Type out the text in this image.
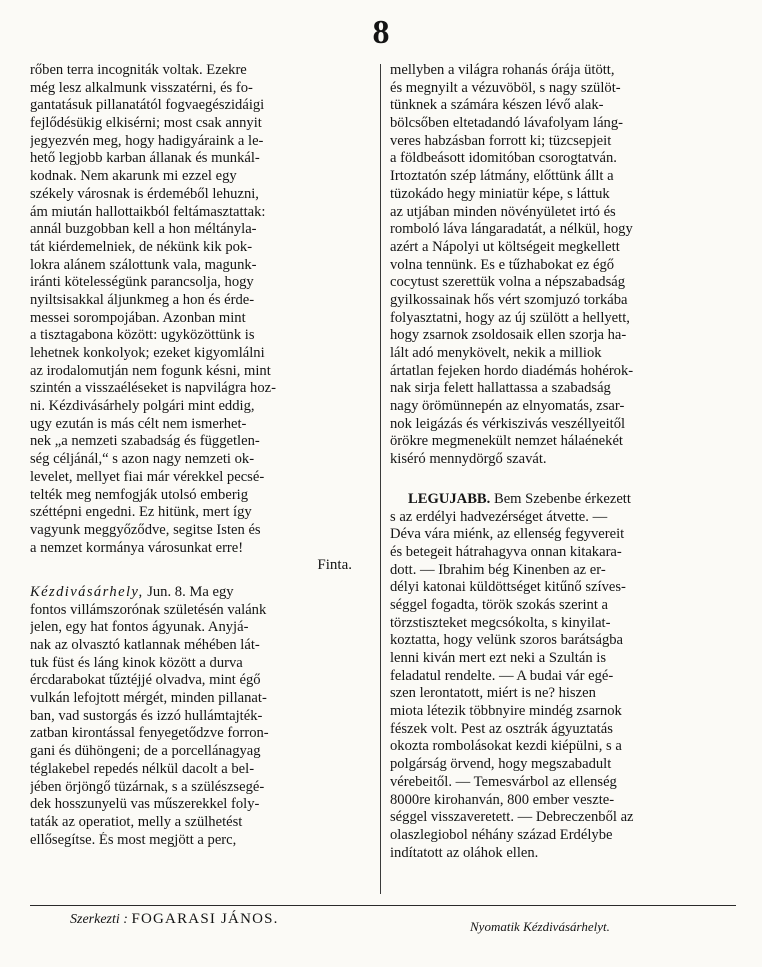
8
rőben terra incogniták voltak. Ezekre
még lesz alkalmunk visszatérni, és fo-
gantatásuk pillanatától fogvaegészidáigi
fejlődésükig elkisérni; most csak annyit
jegyezvén meg, hogy hadigyáraink a le-
hető legjobb karban állanak és munkál-
kodnak. Nem akarunk mi ezzel egy
székely városnak is érdeméből lehuzni,
ám miután hallottaikból feltámasztattak:
annál buzgobban kell a hon méltányla-
tát kiérdemelniek, de nékünk kik pok-
lokra alánem szálottunk vala, magunk-
iránti kötelességünk parancsolja, hogy
nyiltsisakkal áljunkmeg a hon és érde-
messei sorompojában. Azonban mint
a tisztagabona között: ugyközöttünk is
lehetnek konkolyok; ezeket kigyomlálni
az irodalomutján nem fogunk késni, mint
szintén a visszaéléseket is napvilágra hoz-
ni. Kézdivásárhely polgári mint eddig,
ugy ezután is más célt nem ismerhet-
nek „a nemzeti szabadság és független-
ség céljánál,“ s azon nagy nemzeti ok-
levelet, mellyet fiai már vérekkel pecsé-
telték meg nemfogják utolsó emberig
széttépni engedni. Ez hitünk, mert így
vagyunk meggyőződve, segitse Isten és
a nemzet kormánya városunkat erre!
Finta.
Kézdivásárhely, Jun. 8. Ma egy
fontos villámszorónak születésén valánk
jelen, egy hat fontos ágyunak. Anyjá-
nak az olvasztó katlannak méhében lát-
tuk füst és láng kinok között a durva
ércdarabokat tűztéjjé olvadva, mint égő
vulkán lefojtott mérgét, minden pillanat-
ban, vad sustorgás és izzó hullámtajték-
zatban kirontással fenyegetődzve forron-
gani és dühöngeni; de a porcellánagyag
téglakebel repedés nélkül dacolt a bel-
jében örjöngő tüzárnak, s a szülészsegé-
dek hosszunyelü vas műszerekkel foly-
taták az operatiot, melly a szülhetést
ellősegítse. És most megjött a perc,
mellyben a világra rohanás órája ütött,
és megnyilt a vézuvöböl, s nagy szülöt-
tünknek a számára készen lévő alak-
bölcsőben eltetadandó lávafolyam láng-
veres habzásban forrott ki; tüzcsepjeit
a földbeásott idomitóban csorogtatván.
Irtoztatón szép látmány, előttünk állt a
tüzokádo hegy miniatür képe, s láttuk
az utjában minden növényületet irtó és
romboló láva lángaradatát, a nélkül, hogy
azért a Nápolyi ut költségeit megkellett
volna tennünk. Es e tűzhabokat ez égő
cocytust szerettük volna a népszabadság
gyilkossainak hős vért szomjuzó torkába
folyasztatni, hogy az új szülött a hellyett,
hogy zsarnok zsoldosaik ellen szorja ha-
lált adó menykövelt, nekik a milliok
ártatlan fejeken hordo diadémás hohérok-
nak sirja felett hallattassa a szabadság
nagy örömünnepén az elnyomatás, zsar-
nok leigázás és vérkiszivás veszéllyeitől
örökre megmenekült nemzet hálaénekét
kiséró mennydörgő szavát.
LEGUJABB. Bem Szebenbe érkezett
s az erdélyi hadvezérséget átvette. —
Déva vára miénk, az ellenség fegyvereit
és betegeit hátrahagyva onnan kitakara-
dott. — Ibrahim bég Kinenben az er-
délyi katonai küldöttséget kitűnő szíves-
séggel fogadta, török szokás szerint a
törzstiszteket megcsókolta, s kinyilat-
koztatta, hogy velünk szoros barátságba
lenni kiván mert ezt neki a Szultán is
feladatul rendelte. — A budai vár egé-
szen lerontatott, miért is ne? hiszen
miota létezik többnyire mindég zsarnok
fészek volt. Pest az osztrák ágyuztatás
okozta rombolásokat kezdi kiépülni, s a
polgárság örvend, hogy megszabadult
vérebeitől. — Temesvárbol az ellenség
8000re kirohanván, 800 ember veszte-
séggel visszaveretett. — Debreczenből az
olaszlegiobol néhány század Erdélybe
indítatott az oláhok ellen.
Szerkezti : FOGARASI JÁNOS.	Nyomatik Kézdivásárhelyt.
